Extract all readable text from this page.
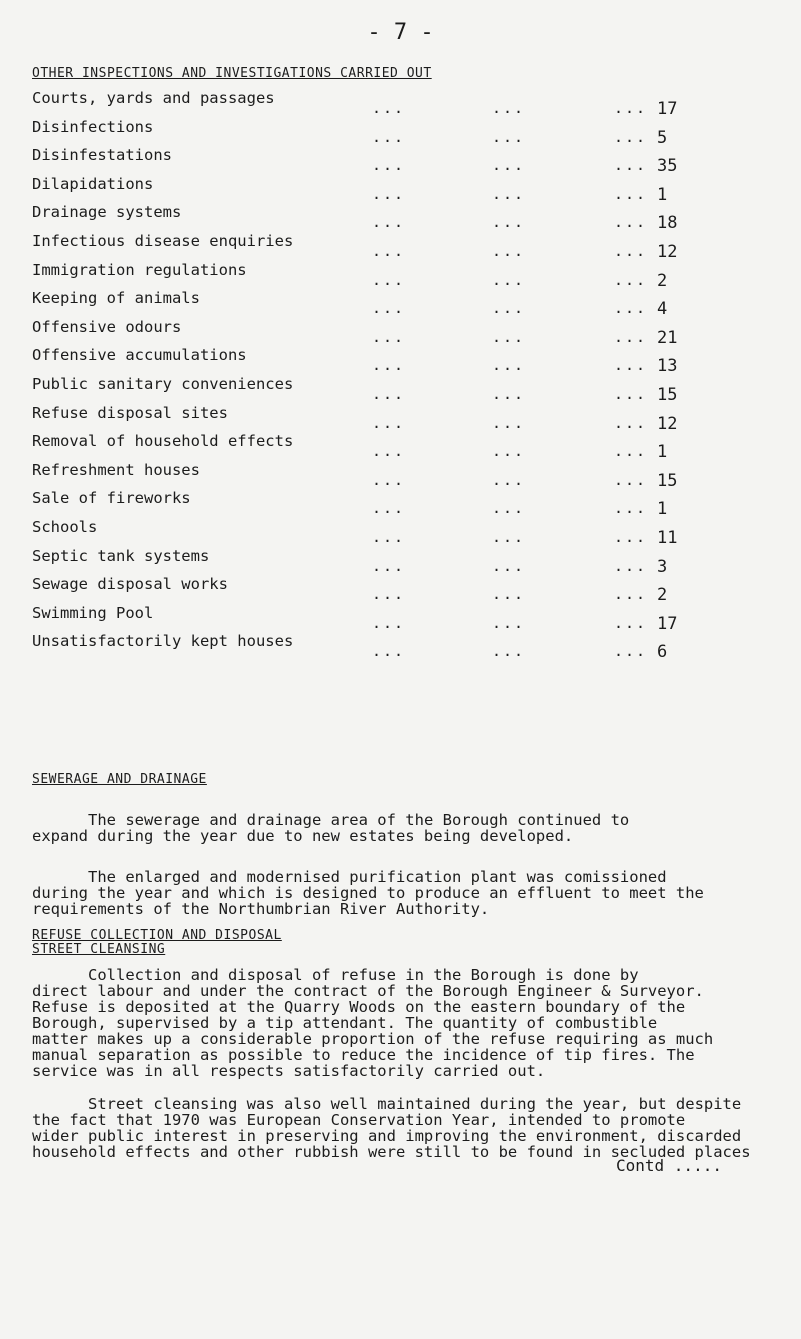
- 7 -
OTHER INSPECTIONS AND INVESTIGATIONS CARRIED OUT
Courts, yards and passages
...	...	... 17
Disinfections
...	...	... 5
Disinfestations
...	...	... 35
Dilapidations
...	...	... 1
Drainage systems
...	...	... 18
Infectious disease enquiries
...	...	... 12
Immigration regulations
...	...	... 2
Keeping of animals
...	...	... 4
Offensive odours
...	...	... 21
Offensive accumulations
...	...	... 13
Public sanitary conveniences
...	...	... 15
Refuse disposal sites
...	...	... 12
Removal of household effects
...	...	... 1
Refreshment houses
...	...	... 15
Sale of fireworks
...	...	... 1
Schools
...	...	... 11
Septic tank systems
...	...	... 3
Sewage disposal works
...	...	... 2
Swimming Pool
...	...	... 17
Unsatisfactorily kept houses
...	...	... 6
SEWERAGE AND DRAINAGE

The sewerage and drainage area of the Borough continued to
expand during the year due to new estates being developed.

The enlarged and modernised purification plant was comissioned
during the year and which is designed to produce an effluent to meet the
requirements of the Northumbrian River Authority.

REFUSE COLLECTION AND DISPOSAL
STREET CLEANSING

Collection and disposal of refuse in the Borough is done by
direct labour and under the contract of the Borough Engineer & Surveyor.
Refuse is deposited at the Quarry Woods on the eastern boundary of the
Borough, supervised by a tip attendant. The quantity of combustible
matter makes up a considerable proportion of the refuse requiring as much
manual separation as possible to reduce the incidence of tip fires. The
service was in all respects satisfactorily carried out.

Street cleansing was also well maintained during the year, but despite
the fact that 1970 was European Conservation Year, intended to promote
wider public interest in preserving and improving the environment, discarded
household effects and other rubbish were still to be found in secluded places

Contd .....
